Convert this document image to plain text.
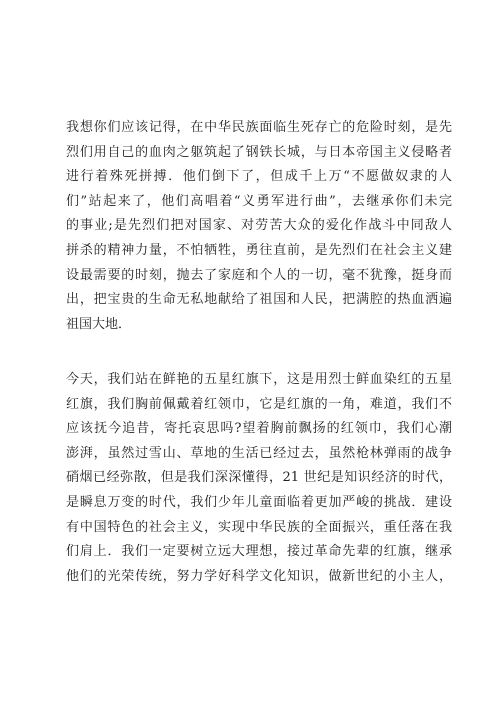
我想你们应该记得，在中华民族面临生死存亡的危险时刻，是先
烈们用自己的血肉之躯筑起了钢铁长城，与日本帝国主义侵略者
进行着殊死拼搏．他们倒下了，但成千上万“不愿做奴隶的人
们”站起来了，他们高唱着“义勇军进行曲”，去继承你们未完
的事业;是先烈们把对国家、对劳苦大众的爱化作战斗中同敌人
拼杀的精神力量，不怕牺牲，勇往直前，是先烈们在社会主义建
设最需要的时刻，抛去了家庭和个人的一切，毫不犹豫，挺身而
出，把宝贵的生命无私地献给了祖国和人民，把满腔的热血洒遍
祖国大地．
今天，我们站在鲜艳的五星红旗下，这是用烈士鲜血染红的五星
红旗，我们胸前佩戴着红领巾，它是红旗的一角，难道，我们不
应该抚今追昔，寄托哀思吗?望着胸前飘扬的红领巾，我们心潮
澎湃，虽然过雪山、草地的生活已经过去，虽然枪林弹雨的战争
硝烟已经弥散，但是我们深深懂得，21 世纪是知识经济的时代，
是瞬息万变的时代，我们少年儿童面临着更加严峻的挑战．建设
有中国特色的社会主义，实现中华民族的全面振兴，重任落在我
们肩上．我们一定要树立远大理想，接过革命先辈的红旗，继承
他们的光荣传统，努力学好科学文化知识，做新世纪的小主人，
